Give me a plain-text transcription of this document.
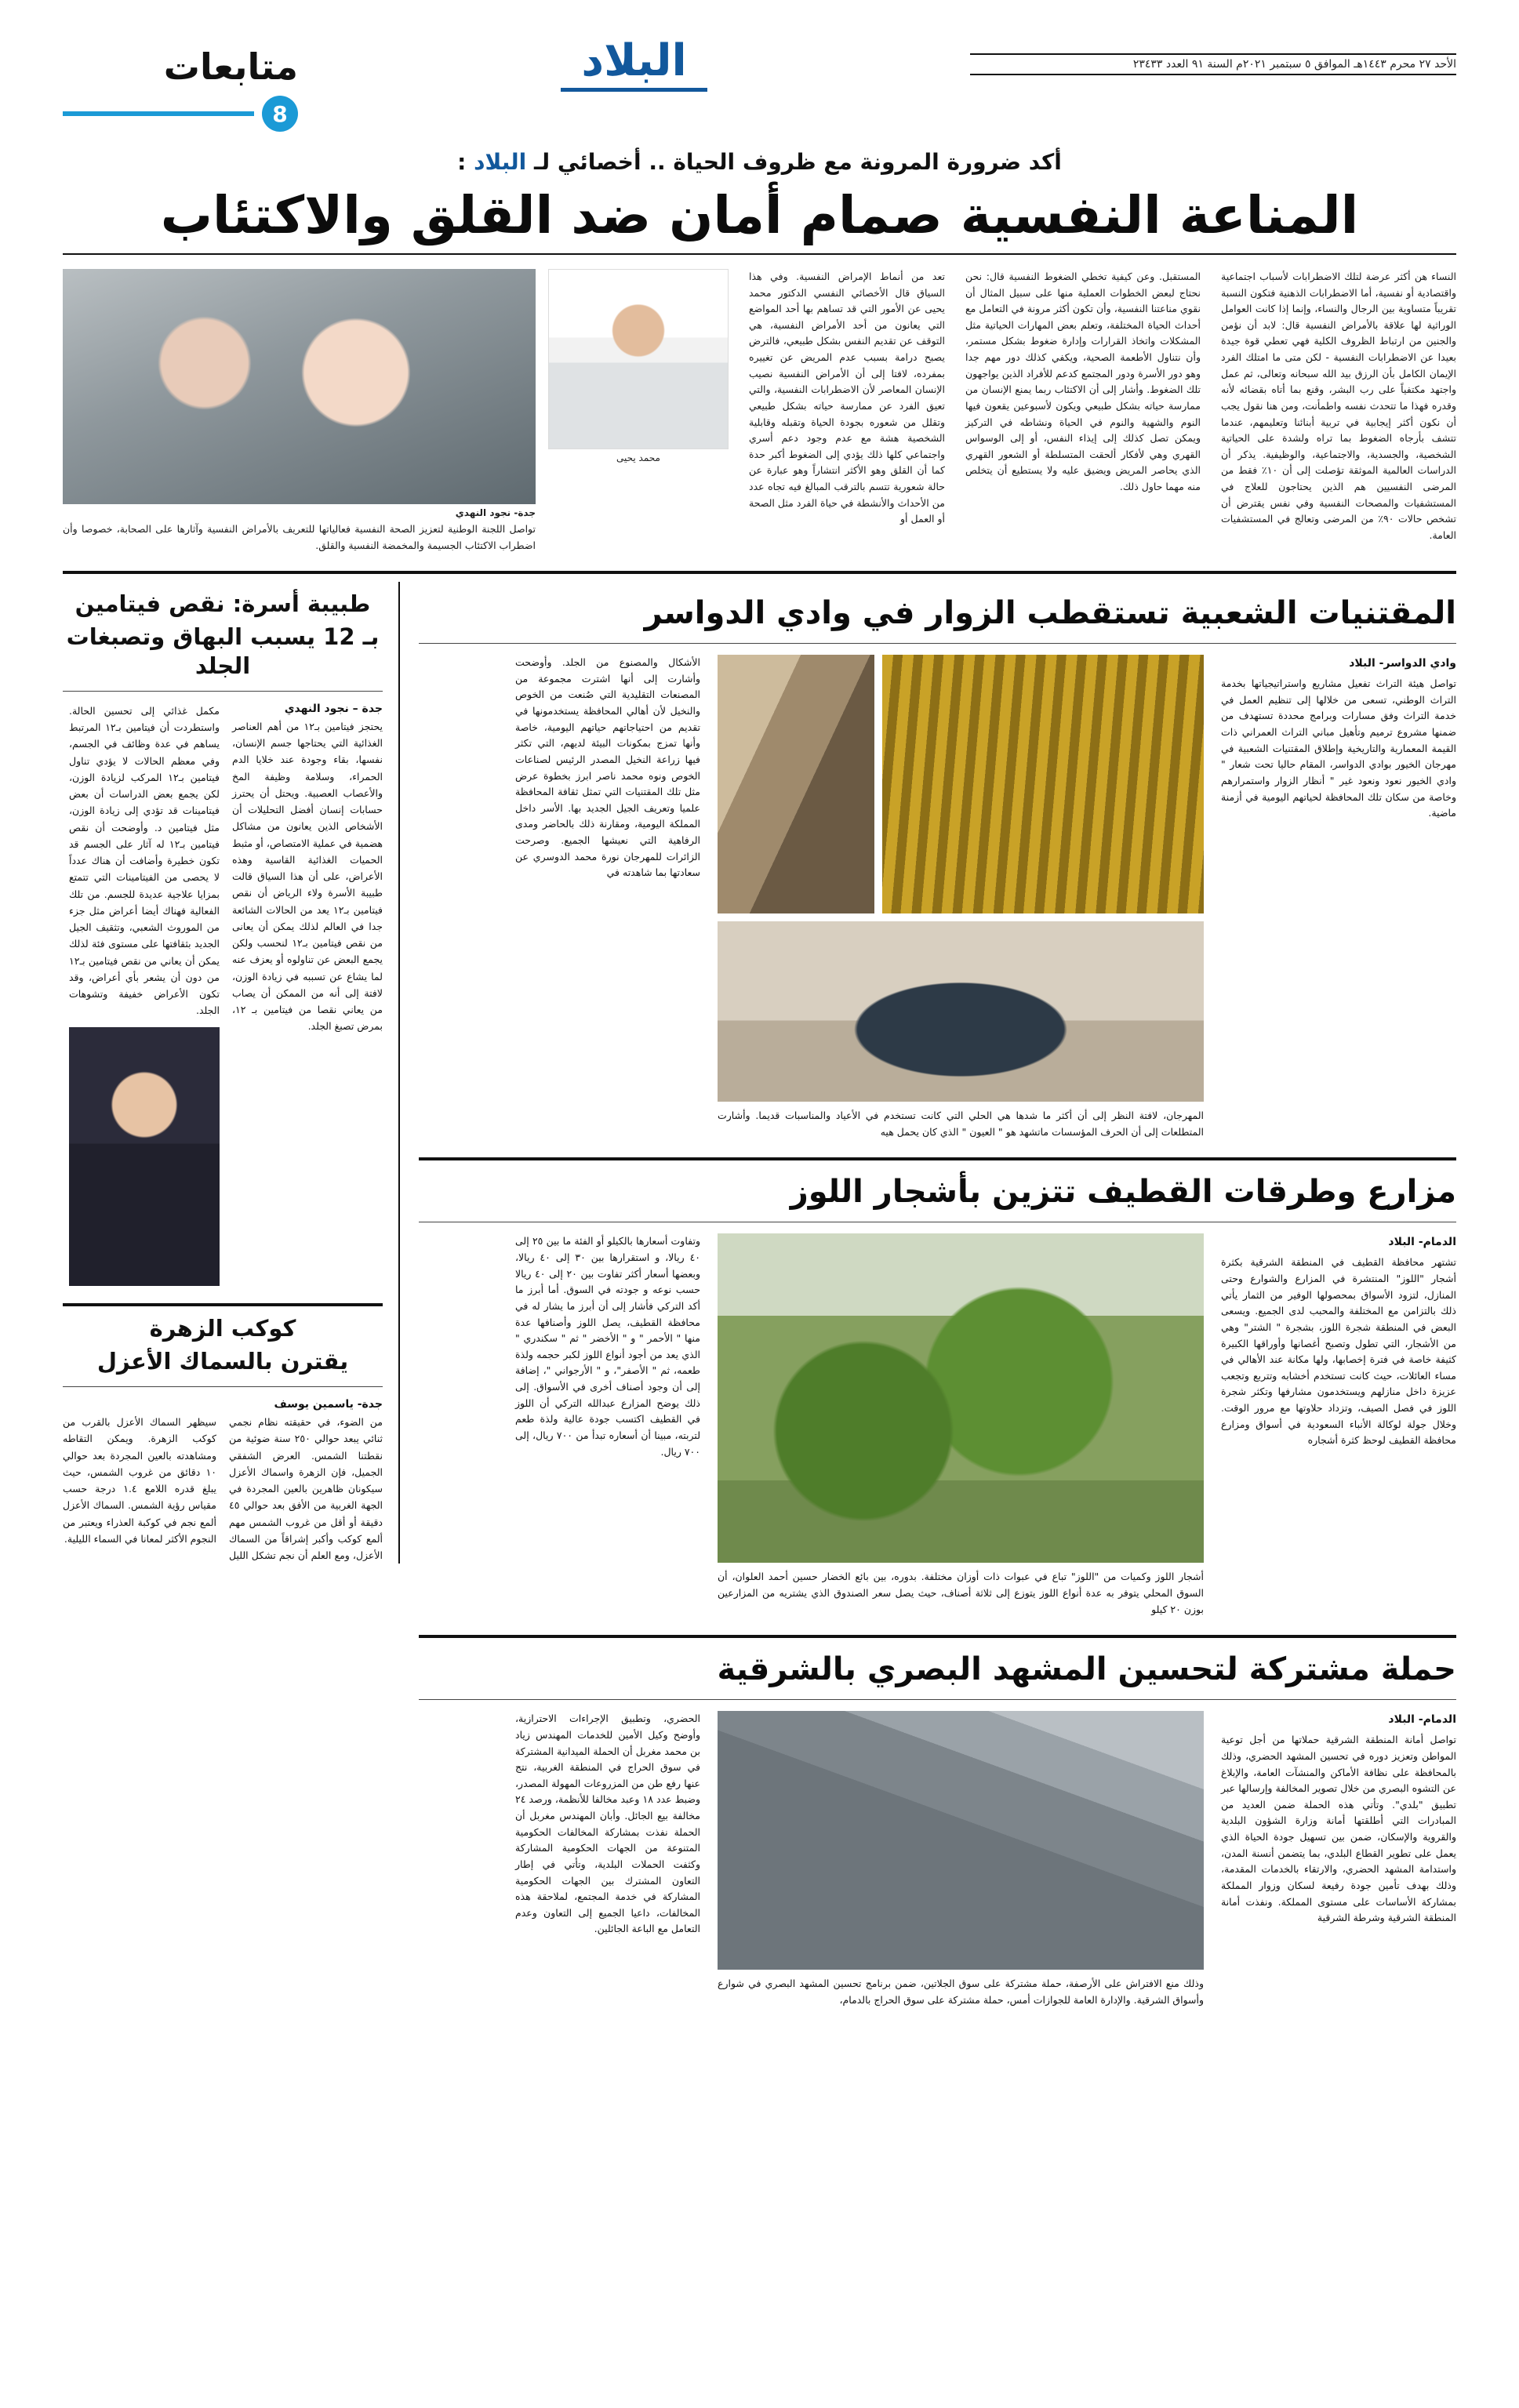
الأحد ٢٧ محرم ١٤٤٣هـ الموافق ٥ سبتمبر ٢٠٢١م السنة ٩١ العدد ٢٣٤٣٣
البلاد
متابعات
8
أكد ضرورة المرونة مع ظروف الحياة .. أخصائي لـ البلاد :
المناعة النفسية صمام أمان ضد القلق والاكتئاب
النساء هن أكثر عرضة لتلك الاضطرابات لأسباب اجتماعية واقتصادية أو نفسية، أما الاضطرابات الذهنية فتكون النسبة تقريباً متساوية بين الرجال والنساء، وإنما إذا كانت العوامل الوراثية لها علاقة بالأمراض النفسية قال: لابد أن نؤمن والجنين من ارتباط الظروف الكلية فهي تعطي قوة جيدة بعيدا عن الاضطرابات النفسية - لكن متى ما امتلك الفرد الإيمان الكامل بأن الرزق بيد الله سبحانه وتعالى، ثم عمل واجتهد مكتفياً على رب البشر، وقنع بما أتاه بقضائه لأنه وقدره فهذا ما تتحدث نفسه واطمأنت، ومن هنا نقول يجب أن نكون أكثر إيجابية في تربية أبنائنا وتعليمهم، عندما تتشف بأرجاه الضغوط بما تراه ولشدة على الحياتية الشخصية، والجسدية، والاجتماعية، والوظيفية. يذكر أن الدراسات العالمية الموثقة تؤصلت إلى أن ١٠٪ فقط من المرضى النفسيين هم الذين يحتاجون للعلاج في المستشفيات والمصحات النفسية وفي نفس يقترض أن تشخص حالات ٩٠٪ من المرضى وتعالج في المستشفيات العامة.
المستقبل. وعن كيفية تخطي الضغوط النفسية قال: نحن نحتاج لبعض الخطوات العملية منها على سبيل المثال أن نقوي مناعتنا النفسية، وأن تكون أكثر مرونة في التعامل مع أحداث الحياة المختلفة، وتعلم بعض المهارات الحياتية مثل المشكلات واتخاذ القرارات وإدارة ضغوط بشكل مستمر، وأن نتناول الأطعمة الصحية، ويكفي كذلك دور مهم جدا وهو دور الأسرة ودور المجتمع كدعم للأفراد الذين يواجهون تلك الضغوط. وأشار إلى أن الاكتئاب ربما يمنع الإنسان من ممارسة حياته بشكل طبيعي ويكون لأسبوعين يقعون فيها النوم والشهية والنوم في الحياة ونشاطه في التركيز ويمكن تصل كذلك إلى إيذاء النفس، أو إلى الوسواس القهري وهي لأفكار ألحقت المتسلطة أو الشعور القهري الذي يحاصر المريض ويضيق عليه ولا يستطيع أن يتخلص منه مهما حاول ذلك.
تعد من أنماط الإمراض النفسية. وفي هذا السياق قال الأخصائي النفسي الدكتور محمد يحيى عن الأمور التي قد تساهم بها أحد المواضع التي يعانون من أحد الأمراض النفسية، هي التوقف عن تقديم النفس بشكل طبيعي، فالترض يصبح درامة بسبب عدم المريض عن تغييره بمفرده، لافتا إلى أن الأمراض النفسية نصيب الإنسان المعاصر لأن الاضطرابات النفسية، والتي تعيق الفرد عن ممارسة حياته بشكل طبيعي وتقلل من شعوره بجودة الحياة وتقبله وقابلية الشخصية هشة مع عدم وجود دعم أسري واجتماعي كلها ذلك يؤدي إلى الضغوط أكبر حدة كما أن القلق وهو الأكثر انتشاراً وهو عبارة عن حالة شعورية تتسم بالترقب المبالغ فيه تجاه عدد من الأحداث والأنشطة في حياة الفرد مثل الصحة أو العمل أو
محمد يحيى
جدة- نجود النهدي
تواصل اللجنة الوطنية لتعزيز الصحة النفسية فعالياتها للتعريف بالأمراض النفسية وآثارها على الصحابة، خصوصا وأن اضطراب الاكتئاب الجسيمة والمخمضة النفسية والقلق.
المقتنيات الشعبية تستقطب الزوار في وادي الدواسر
وادي الدواسر- البلاد
تواصل هيئة التراث تفعيل مشاريع واستراتيجياتها بخدمة التراث الوطني، تسعى من خلالها إلى تنظيم العمل في خدمة التراث وفق مسارات وبرامج محددة تستهدف من ضمنها مشروع ترميم وتأهيل مباني التراث العمراني ذات القيمة المعمارية والتاريخية وإطلاق المقتنيات الشعبية في مهرجان الخيور بوادي الدواسر، المقام حاليا تحت شعار " وادي الخيور نعود ونعود غير " أنظار الزوار واستمرارهم وخاصة من سكان تلك المحافظة لحياتهم اليومية في أزمنة ماضية.
المهرجان، لافتة النظر إلى أن أكثر ما شدها هي الحلي التي كانت تستخدم في الأعياد والمناسبات قديما. وأشارت المتطلعات إلى أن الحرف المؤسسات ماتشهد هو " العيون " الذي كان يحمل هيه
الأشكال والمصنوع من الجلد. وأوضحت وأشارت إلى أنها اشترت مجموعة من المصنعات التقليدية التي صُنعت من الخوص والنخيل لأن أهالي المحافظة يستخدمونها في تقديم من احتياجاتهم حياتهم اليومية، خاصة وأنها تمزج بمكونات البيئة لديهم، التي تكثر فيها زراعة النخيل المصدر الرئيس لصناعات الخوص ونوه محمد ناصر ابرز بخطوة عرض مثل تلك المقتنيات التي تمثل ثقافة المحافظة علميا وتعريف الجيل الجديد بها. الأسر داخل المملكة اليومية، ومقارنة ذلك بالحاضر ومدى الرفاهية التي نعيشها الجميع. وصرحت الزائرات للمهرجان نورة محمد الدوسري عن سعادتها بما شاهدته في
مزارع وطرقات القطيف تتزين بأشجار اللوز
الدمام- البلاد
تشتهر محافظة القطيف في المنطقة الشرقية بكثرة أشجار "اللوز" المنتشرة في المزارع والشوارع وحتى المنازل، لتزود الأسواق بمحصولها الوفير من الثمار يأتي ذلك بالتزامن مع المختلفة والمحبب لدى الجميع. ويسعى البعض في المنطقة شجرة اللوز، بشجرة " الشتر" وهي من الأشجار، التي تطول وتصبح أغصانها وأوراقها الكبيرة كثيفة خاصة في فترة إخصابها، ولها مكانة عند الأهالي في مساء العائلات، حيث كانت تستخدم أخشابه وتتربع وتجعب عزيزة داخل منازلهم ويستخدمون مشارفها وتكثر شجرة اللوز في فصل الصيف، وتزداد حلاوتها مع مرور الوقت. وخلال جولة لوكالة الأنباء السعودية في أسواق ومزارع محافظة القطيف لوحظ كثرة أشجاره
أشجار اللوز وكميات من "اللوز" تباع في عبوات ذات أوزان مختلفة. بدوره، بين بائع الخضار حسين أحمد العلوان، أن السوق المحلي يتوفر به عدة أنواع اللوز يتوزع إلى ثلاثة أصناف، حيث يصل سعر الصندوق الذي يشتريه من المزارعين بوزن ٢٠ كيلو
وتفاوت أسعارها بالكيلو أو الفئة ما بين ٢٥ إلى ٤٠ ريالا، و استقرارها بين ٣٠ إلى ٤٠ ريالا، وبعضها أسعار أكثر تفاوت بين ٢٠ إلى ٤٠ ريالا حسب نوعه و جودته في السوق. أما أبرز ما أكد التركي فأشار إلى أن أبرز ما يشار له في محافظة القطيف، يصل اللوز وأصنافها عدة منها " الأحمر " و " الأخضر " ثم " سكندري " الذي يعد من أجود أنواع اللوز لكبر حجمه ولذة طعمه، ثم " الأصفر"، و " الأرجواني "، إضافة إلى أن وجود أصناف أخرى في الأسواق. إلى ذلك يوضح المزارع عبدالله التركي أن اللوز في القطيف اكتسب جودة عالية ولذة طعم لتربته، مبينا أن أسعاره تبدأ من ٧٠٠ ريال، إلى ٧٠٠ ريال.
حملة مشتركة لتحسين المشهد البصري بالشرقية
الدمام- البلاد
تواصل أمانة المنطقة الشرقية حملاتها من أجل توعية المواطن وتعزيز دوره في تحسين المشهد الحضري، وذلك بالمحافظة على نظافة الأماكن والمنشآت العامة، والإبلاغ عن التشوه البصري من خلال تصوير المخالفة وإرسالها عبر تطبيق "بلدي". وتأتي هذه الحملة ضمن العديد من المبادرات التي أطلقتها أمانة وزارة الشؤون البلدية والقروية والإسكان، ضمن بين تسهيل جودة الحياة الذي يعمل على تطوير القطاع البلدي، بما يتضمن أنسنة المدن، واستدامة المشهد الحضري، والارتقاء بالخدمات المقدمة، وذلك بهدف تأمين جودة رفيعة لسكان وزوار المملكة بمشاركة الأساسات على مستوى المملكة. ونفذت أمانة المنطقة الشرقية وشرطة الشرقية
وذلك منع الافتراش على الأرصفة، حملة مشتركة على سوق الجلاتين، ضمن برنامج تحسين المشهد البصري في شوارع وأسواق الشرقية. والإدارة العامة للجوازات أمس، حملة مشتركة على سوق الحراج بالدمام،
الحضري، وتطبيق الإجراءات الاحترازية، وأوضح وكيل الأمين للخدمات المهندس زياد بن محمد مغربل أن الحملة الميدانية المشتركة في سوق الحراج في المنطقة الغربية، نتج عنها رفع طن من المزروعات المهولة المصدر، وضبط عدد ١٨ وعبد مخالفا للأنظمة، ورصد ٢٤ مخالفة بيع الجائل. وأبان المهندس مغربل أن الحملة نفذت بمشاركة المخالفات الحكومية المتنوعة من الجهات الحكومية المشاركة وكثفت الحملات البلدية، وتأتي في إطار التعاون المشترك بين الجهات الحكومية المشاركة في خدمة المجتمع، لملاحقة هذه المخالفات، داعيا الجميع إلى التعاون وعدم التعامل مع الباعة الجائلين.
طبيبة أسرة: نقص فيتامين
بـ 12 يسبب البهاق وتصبغات الجلد
جدة – نجود النهدي
يحتجز فيتامين بـ١٢ من أهم العناصر الغذائية التي يحتاجها جسم الإنسان، نفسها، بقاء وجودة عند خلايا الدم الحمراء، وسلامة وظيفة المخ والأعصاب العصبية. ويحتل أن يحترز حسابات إنسان أفضل التحليلات أن الأشخاص الذين يعانون من مشاكل هضمية في عملية الامتصاص، أو مثبط الحميات الغذائية القاسية وهذه الأعراض، على أن هذا السياق قالت طبيبة الأسرة ولاء الرياض أن نقص فيتامين بـ١٢ يعد من الحالات الشائعة جدا في العالم لذلك يمكن أن يعانى من نقص فيتامين بـ١٢ لنحسب ولكن يجمع البعض عن تناولوه أو يعزف عنه لما يشاع عن تسببه في زيادة الوزن، لافتة إلى أنه من الممكن أن يصاب من يعاني نقصا من فيتامين بـ ١٢، بمرض تصبغ الجلد.
مكمل غذائي إلى تحسين الحالة. واستطردت أن فيتامين بـ١٢ المرتبط يساهم في عدة وظائف في الجسم، وفي معظم الحالات لا يؤدي تناول فيتامين بـ١٢ المركب لزيادة الوزن، لكن يجمع بعض الدراسات أن بعض فيتامينات قد تؤدي إلى زيادة الوزن، مثل فيتامين د. وأوضحت أن نقص فيتامين بـ١٢ له آثار على الجسم قد تكون خطيرة وأضافت أن هناك عدداً لا يحصى من الفيتامينات التي تتمتع بمزايا علاجية عديدة للجسم. من تلك الفعالية فهناك أيضا أعراض مثل جزء من الموروث الشعبي، وتثقيف الجيل الجديد بثقافتها على مستوى فئة لذلك يمكن أن يعاني من نقص فيتامين بـ١٢ من دون أن يشعر بأي أعراض، وقد تكون الأعراض خفيفة وتشوهات الجلد.
كوكب الزهرة
يقترن بالسماك الأعزل
جدة- ياسمين يوسف
من الضوء، في حقيقته نظام نجمي ثنائي يبعد حوالي ٢٥٠ سنة ضوئية من نقطتنا الشمس. العرض الشفقي الجميل، فإن الزهرة واسماك الأعزل سيكونان ظاهرين بالعين المجردة في الجهة الغربية من الأفق بعد حوالي ٤٥ دقيقة أو أقل من غروب الشمس مهم ألمع كوكب وأكبر إشراقاً من السماك الأعزل، ومع العلم أن نجم تشكل الليل سيظهر السماك الأعزل بالقرب من كوكب الزهرة. ويمكن التقاطه ومشاهدته بالعين المجردة بعد حوالي ١٠ دقائق من غروب الشمس، حيث يبلغ قدره اللامع ١.٤ درجة حسب مقياس رؤية الشمس. السماك الأعزل ألمع نجم في كوكبة العذراء ويعتبر من النجوم الأكثر لمعانا في السماء الليلية.
